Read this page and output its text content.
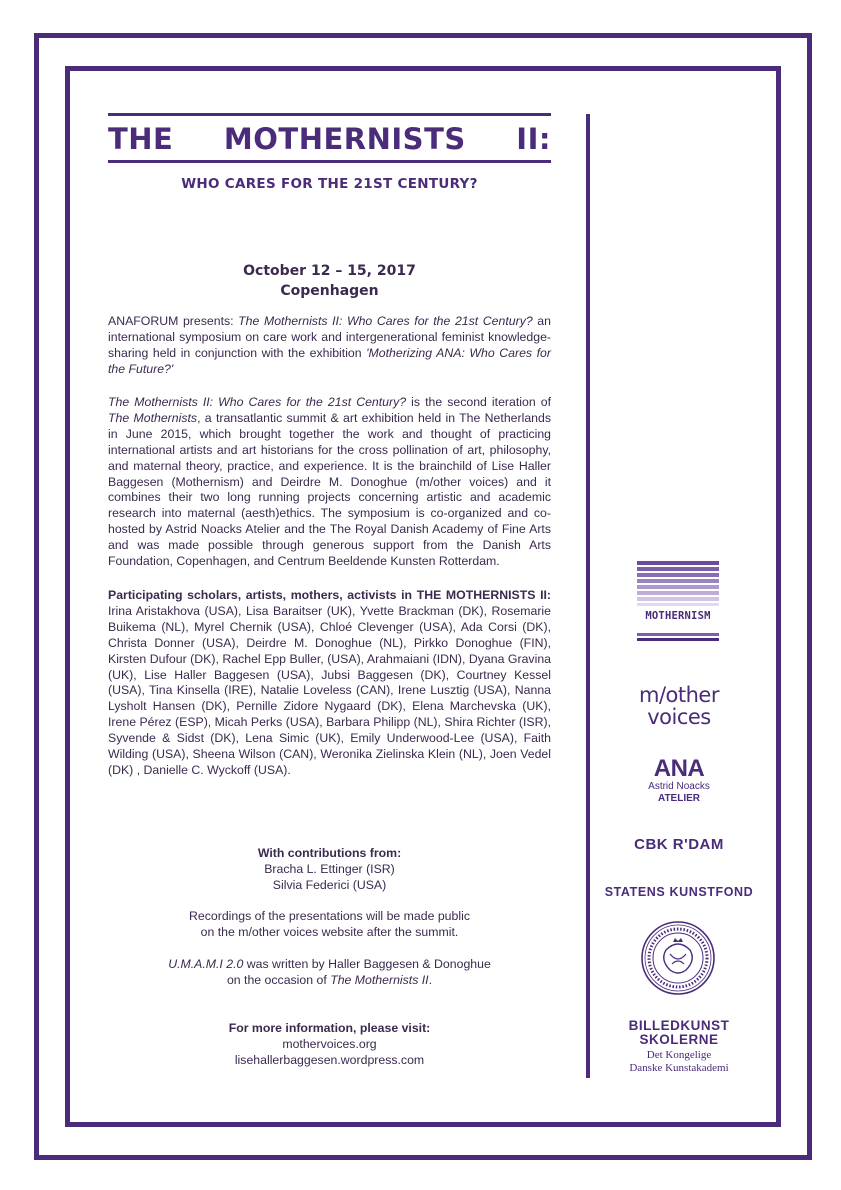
THE MOTHERNISTS II:
WHO CARES FOR THE 21ST CENTURY?
October 12 – 15, 2017
Copenhagen
ANAFORUM presents: The Mothernists II: Who Cares for the 21st Century? an international symposium on care work and intergenerational feminist knowledge-sharing held in conjunction with the exhibition 'Motherizing ANA: Who Cares for the Future?'
The Mothernists II: Who Cares for the 21st Century? is the second iteration of The Mothernists, a transatlantic summit & art exhibition held in The Netherlands in June 2015, which brought together the work and thought of practicing international artists and art historians for the cross pollination of art, philosophy, and maternal theory, practice, and experience. It is the brainchild of Lise Haller Baggesen (Mothernism) and Deirdre M. Donoghue (m/other voices) and it combines their two long running projects concerning artistic and academic research into maternal (aesth)ethics. The symposium is co-organized and co-hosted by Astrid Noacks Atelier and the The Royal Danish Academy of Fine Arts and was made possible through generous support from the Danish Arts Foundation, Copenhagen, and Centrum Beeldende Kunsten Rotterdam.
Participating scholars, artists, mothers, activists in THE MOTHERNISTS II: Irina Aristakhova (USA), Lisa Baraitser (UK), Yvette Brackman (DK), Rosemarie Buikema (NL), Myrel Chernik (USA), Chloé Clevenger (USA), Ada Corsi (DK), Christa Donner (USA), Deirdre M. Donoghue (NL), Pirkko Donoghue (FIN), Kirsten Dufour (DK), Rachel Epp Buller, (USA), Arahmaiani (IDN), Dyana Gravina (UK), Lise Haller Baggesen (USA), Jubsi Baggesen (DK), Courtney Kessel (USA), Tina Kinsella (IRE), Natalie Loveless (CAN), Irene Lusztig (USA), Nanna Lysholt Hansen (DK), Pernille Zidore Nygaard (DK), Elena Marchevska (UK), Irene Pérez (ESP), Micah Perks (USA), Barbara Philipp (NL), Shira Richter (ISR), Syvende & Sidst (DK), Lena Simic (UK), Emily Underwood-Lee (USA), Faith Wilding (USA), Sheena Wilson (CAN), Weronika Zielinska Klein (NL), Joen Vedel (DK) , Danielle C. Wyckoff (USA).
With contributions from:
Bracha L. Ettinger (ISR)
Silvia Federici (USA)
Recordings of the presentations will be made public
on the m/other voices website after the summit.
U.M.A.M.I 2.0 was written by Haller Baggesen & Donoghue
on the occasion of The Mothernists II.
For more information, please visit:
mothervoices.org
lisehallerbaggesen.wordpress.com
MOTHERNISM
m/other
voices
ANA
Astrid Noacks
ATELIER
CBK R'DAM
STATENS KUNSTFOND
BILLEDKUNST
SKOLERNE
Det Kongelige
Danske Kunstakademi
